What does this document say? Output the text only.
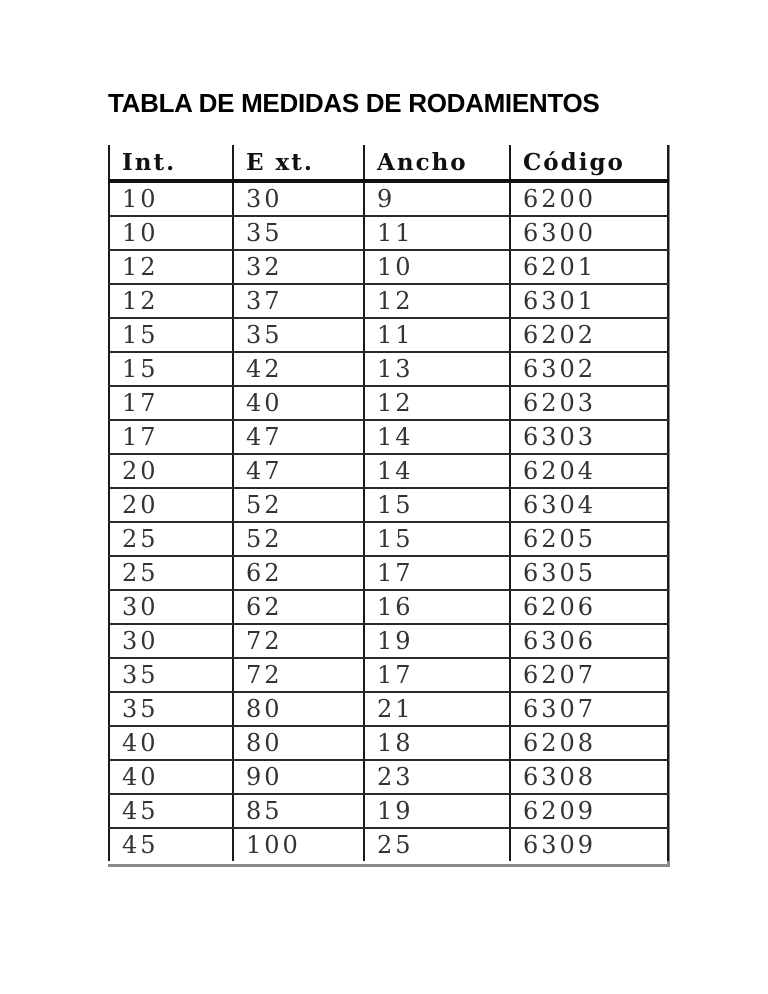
TABLA DE MEDIDAS DE RODAMIENTOS
Int.	E xt.	Ancho	Código
10	30	9	6200
10	35	11	6300
12	32	10	6201
12	37	12	6301
15	35	11	6202
15	42	13	6302
17	40	12	6203
17	47	14	6303
20	47	14	6204
20	52	15	6304
25	52	15	6205
25	62	17	6305
30	62	16	6206
30	72	19	6306
35	72	17	6207
35	80	21	6307
40	80	18	6208
40	90	23	6308
45	85	19	6209
45	100	25	6309
